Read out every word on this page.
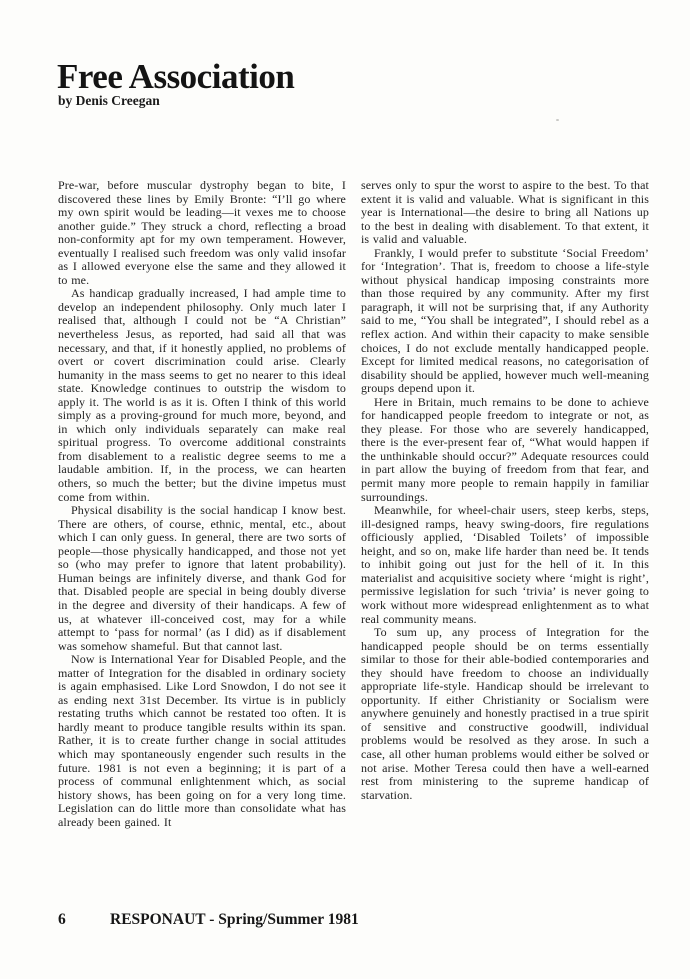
Free Association
by Denis Creegan

Pre-war, before muscular dystrophy began to bite, I discovered these lines by Emily Bronte: “I’ll go where my own spirit would be leading—it vexes me to choose another guide.” They struck a chord, reflecting a broad non-conformity apt for my own temperament. However, eventually I realised such freedom was only valid insofar as I allowed everyone else the same and they allowed it to me.

As handicap gradually increased, I had ample time to develop an independent philosophy. Only much later I realised that, although I could not be “A Christian” nevertheless Jesus, as reported, had said all that was necessary, and that, if it honestly applied, no problems of overt or covert discrimination could arise. Clearly humanity in the mass seems to get no nearer to this ideal state. Knowledge continues to outstrip the wisdom to apply it. The world is as it is. Often I think of this world simply as a proving-ground for much more, beyond, and in which only individuals separately can make real spiritual progress. To overcome additional constraints from disablement to a realistic degree seems to me a laudable ambition. If, in the process, we can hearten others, so much the better; but the divine impetus must come from within.

Physical disability is the social handicap I know best. There are others, of course, ethnic, mental, etc., about which I can only guess. In general, there are two sorts of people—those physically handicapped, and those not yet so (who may prefer to ignore that latent probability). Human beings are infinitely diverse, and thank God for that. Disabled people are special in being doubly diverse in the degree and diversity of their handicaps. A few of us, at whatever ill-conceived cost, may for a while attempt to ‘pass for normal’ (as I did) as if disablement was somehow shameful. But that cannot last.

Now is International Year for Disabled People, and the matter of Integration for the disabled in ordinary society is again emphasised. Like Lord Snowdon, I do not see it as ending next 31st December. Its virtue is in publicly restating truths which cannot be restated too often. It is hardly meant to produce tangible results within its span. Rather, it is to create further change in social attitudes which may spontaneously engender such results in the future. 1981 is not even a beginning; it is part of a process of communal enlightenment which, as social history shows, has been going on for a very long time. Legislation can do little more than consolidate what has already been gained. It

serves only to spur the worst to aspire to the best. To that extent it is valid and valuable. What is significant in this year is International—the desire to bring all Nations up to the best in dealing with disablement. To that extent, it is valid and valuable.

Frankly, I would prefer to substitute ‘Social Freedom’ for ‘Integration’. That is, freedom to choose a life-style without physical handicap imposing constraints more than those required by any community. After my first paragraph, it will not be surprising that, if any Authority said to me, “You shall be integrated”, I should rebel as a reflex action. And within their capacity to make sensible choices, I do not exclude mentally handicapped people. Except for limited medical reasons, no categorisation of disability should be applied, however much well-meaning groups depend upon it.

Here in Britain, much remains to be done to achieve for handicapped people freedom to integrate or not, as they please. For those who are severely handicapped, there is the ever-present fear of, “What would happen if the unthinkable should occur?” Adequate resources could in part allow the buying of freedom from that fear, and permit many more people to remain happily in familiar surroundings.

Meanwhile, for wheel-chair users, steep kerbs, steps, ill-designed ramps, heavy swing-doors, fire regulations officiously applied, ‘Disabled Toilets’ of impossible height, and so on, make life harder than need be. It tends to inhibit going out just for the hell of it. In this materialist and acquisitive society where ‘might is right’, permissive legislation for such ‘trivia’ is never going to work without more widespread enlightenment as to what real community means.

To sum up, any process of Integration for the handicapped people should be on terms essentially similar to those for their able-bodied contemporaries and they should have freedom to choose an individually appropriate life-style. Handicap should be irrelevant to opportunity. If either Christianity or Socialism were anywhere genuinely and honestly practised in a true spirit of sensitive and constructive goodwill, individual problems would be resolved as they arose. In such a case, all other human problems would either be solved or not arise. Mother Teresa could then have a well-earned rest from ministering to the supreme handicap of starvation.

6	RESPONAUT - Spring/Summer 1981
